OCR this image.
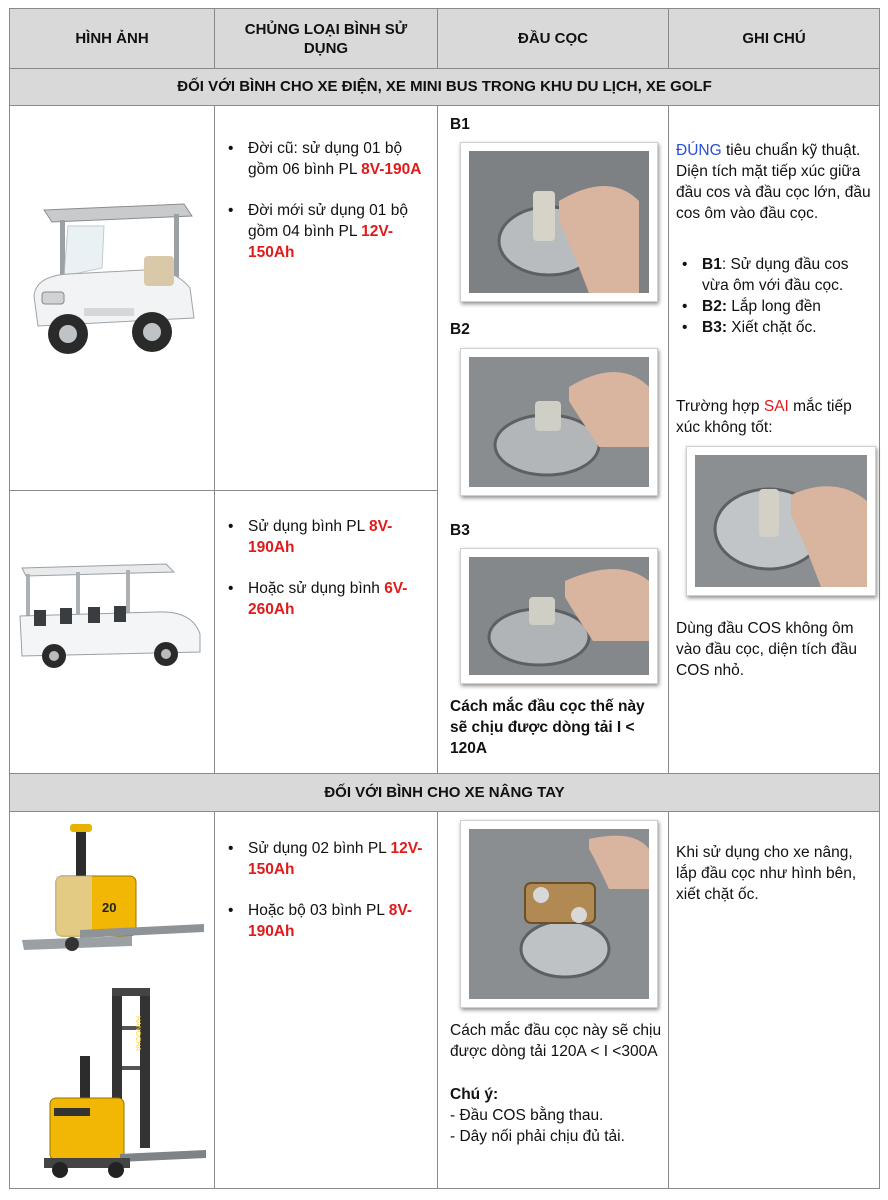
HÌNH ẢNH
CHỦNG LOẠI BÌNH SỬ DỤNG
ĐẦU CỌC	GHI CHÚ
ĐỐI VỚI BÌNH CHO XE ĐIỆN, XE MINI BUS TRONG KHU DU LỊCH, XE GOLF
ĐỐI VỚI BÌNH CHO XE NÂNG TAY
20
HANGCHA
• Đời cũ: sử dụng 01 bộ gồm 06 bình PL 8V-190A
• Đời mới sử dụng 01 bộ gồm 04 bình PL 12V-150Ah
• Sử dụng bình PL 8V-190Ah
• Hoặc sử dụng bình 6V-260Ah
B1
B2
B3
Cách mắc đầu cọc thế này sẽ chịu được dòng tải I < 120A
ĐÚNG tiêu chuẩn kỹ thuật. Diện tích mặt tiếp xúc giữa đầu cos và đầu cọc lớn, đầu cos ôm vào đầu cọc.
• B1: Sử dụng đầu cos vừa ôm với đầu cọc.
• B2: Lắp long đền
• B3: Xiết chặt ốc.
Trường hợp SAI mắc tiếp xúc không tốt:
Dùng đầu COS không ôm vào đầu cọc, diện tích đầu COS nhỏ.
• Sử dụng 02 bình PL 12V-150Ah
• Hoặc bộ 03 bình PL 8V-190Ah
Cách mắc đầu cọc này sẽ chịu được dòng tải 120A < I <300A
Chú ý:
- Đầu COS bằng thau.
- Dây nối phải chịu đủ tải.
Khi sử dụng cho xe nâng, lắp đầu cọc như hình bên, xiết chặt ốc.
